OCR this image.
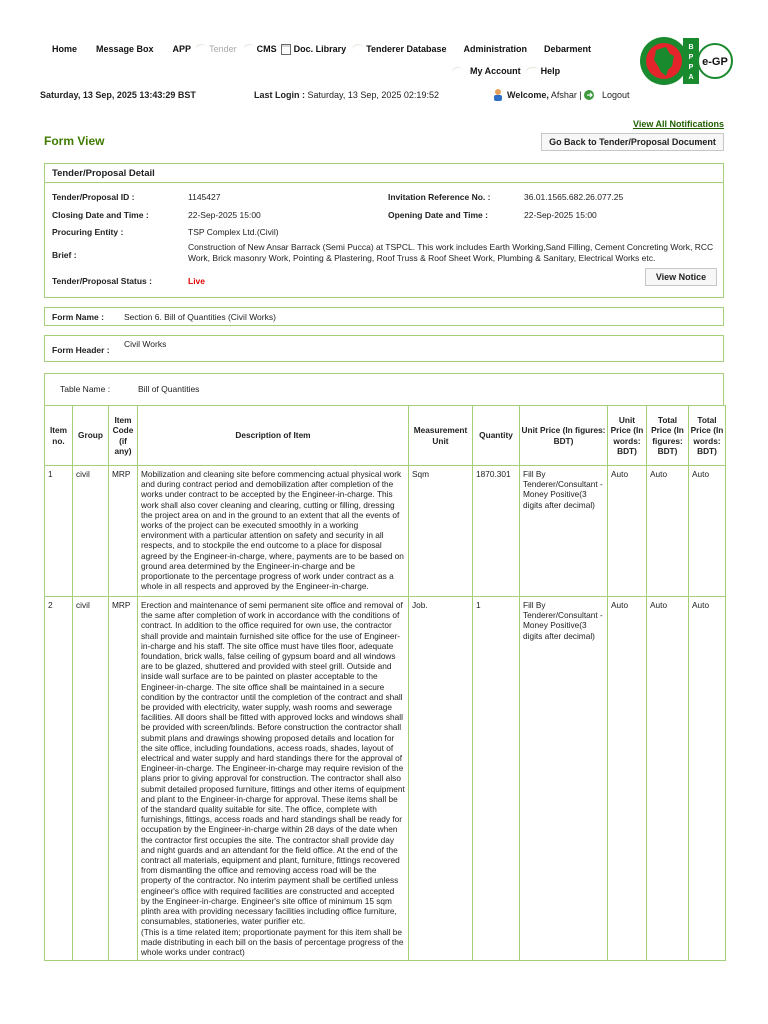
Home Message Box APP Tender CMS Doc. Library Tenderer Database Administration Debarment
My Account Help
B
P
P
A
e-GP
Saturday, 13 Sep, 2025 13:43:29 BST	Last Login : Saturday, 13 Sep, 2025 02:19:52	Welcome, Afshar | Logout
View All Notifications
Form View	Go Back to Tender/Proposal Document
Tender/Proposal Detail
Tender/Proposal ID :	1145427	Invitation Reference No. :	36.01.1565.682.26.077.25
Closing Date and Time :	22-Sep-2025 15:00	Opening Date and Time :	22-Sep-2025 15:00
Procuring Entity :	TSP Complex Ltd.(Civil)
Brief :
Construction of New Ansar Barrack (Semi Pucca) at TSPCL. This work includes Earth Working,Sand Filling, Cement Concreting Work, RCC Work, Brick masonry Work, Pointing & Plastering, Roof Truss & Roof Sheet Work, Plumbing & Sanitary, Electrical Works etc.
Tender/Proposal Status :	Live	View Notice
Form Name : Section 6. Bill of Quantities (Civil Works)
Form Header :
Civil Works
Table Name :	Bill of Quantities
Item no.	Group	Item Code (if any)	Description of Item	Measurement Unit	Quantity	Unit Price (In figures: BDT)	Unit Price (In words: BDT)	Total Price (In figures: BDT)	Total Price (In words: BDT)
1	civil	MRP	Mobilization and cleaning site before commencing actual physical work and during contract period and demobilization after completion of the works under contract to be accepted by the Engineer-in-charge. This work shall also cover cleaning and clearing, cutting or filling, dressing the project area on and in the ground to an extent that all the events of works of the project can be executed smoothly in a working environment with a particular attention on safety and security in all respects, and to stockpile the end outcome to a place for disposal agreed by the Engineer-in-charge, where, payments are to be based on ground area determined by the Engineer-in-charge and be proportionate to the percentage progress of work under contract as a whole in all respects and approved by the Engineer-in-charge.	Sqm	1870.301	Fill By Tenderer/Consultant - Money Positive(3 digits after decimal)	Auto	Auto	Auto
2	civil	MRP	Erection and maintenance of semi permanent site office and removal of the same after completion of work in accordance with the conditions of contract. In addition to the office required for own use, the contractor shall provide and maintain furnished site office for the use of Engineer-in-charge and his staff. The site office must have tiles floor, adequate foundation, brick walls, false ceiling of gypsum board and all windows are to be glazed, shuttered and provided with steel grill. Outside and inside wall surface are to be painted on plaster acceptable to the Engineer-in-charge. The site office shall be maintained in a secure condition by the contractor until the completion of the contract and shall be provided with electricity, water supply, wash rooms and sewerage facilities. All doors shall be fitted with approved locks and windows shall be provided with screen/blinds. Before construction the contractor shall submit plans and drawings showing proposed details and location for the site office, including foundations, access roads, shades, layout of electrical and water supply and hard standings there for the approval of Engineer-in-charge. The Engineer-in-charge may require revision of the plans prior to giving approval for construction. The contractor shall also submit detailed proposed furniture, fittings and other items of equipment and plant to the Engineer-in-charge for approval. These items shall be of the standard quality suitable for site. The office, complete with furnishings, fittings, access roads and hard standings shall be ready for occupation by the Engineer-in-charge within 28 days of the date when the contractor first occupies the site. The contractor shall provide day and night guards and an attendant for the field office. At the end of the contract all materials, equipment and plant, furniture, fittings recovered from dismantling the office and removing access road will be the property of the contractor. No interim payment shall be certified unless engineer's office with required facilities are constructed and accepted by the Engineer-in-charge. Engineer's site office of minimum 15 sqm plinth area with providing necessary facilities including office furniture, consumables, stationeries, water purifier etc.
(This is a time related item; proportionate payment for this item shall be made distributing in each bill on the basis of percentage progress of the whole works under contract)	Job.	1	Fill By Tenderer/Consultant - Money Positive(3 digits after decimal)	Auto	Auto	Auto
